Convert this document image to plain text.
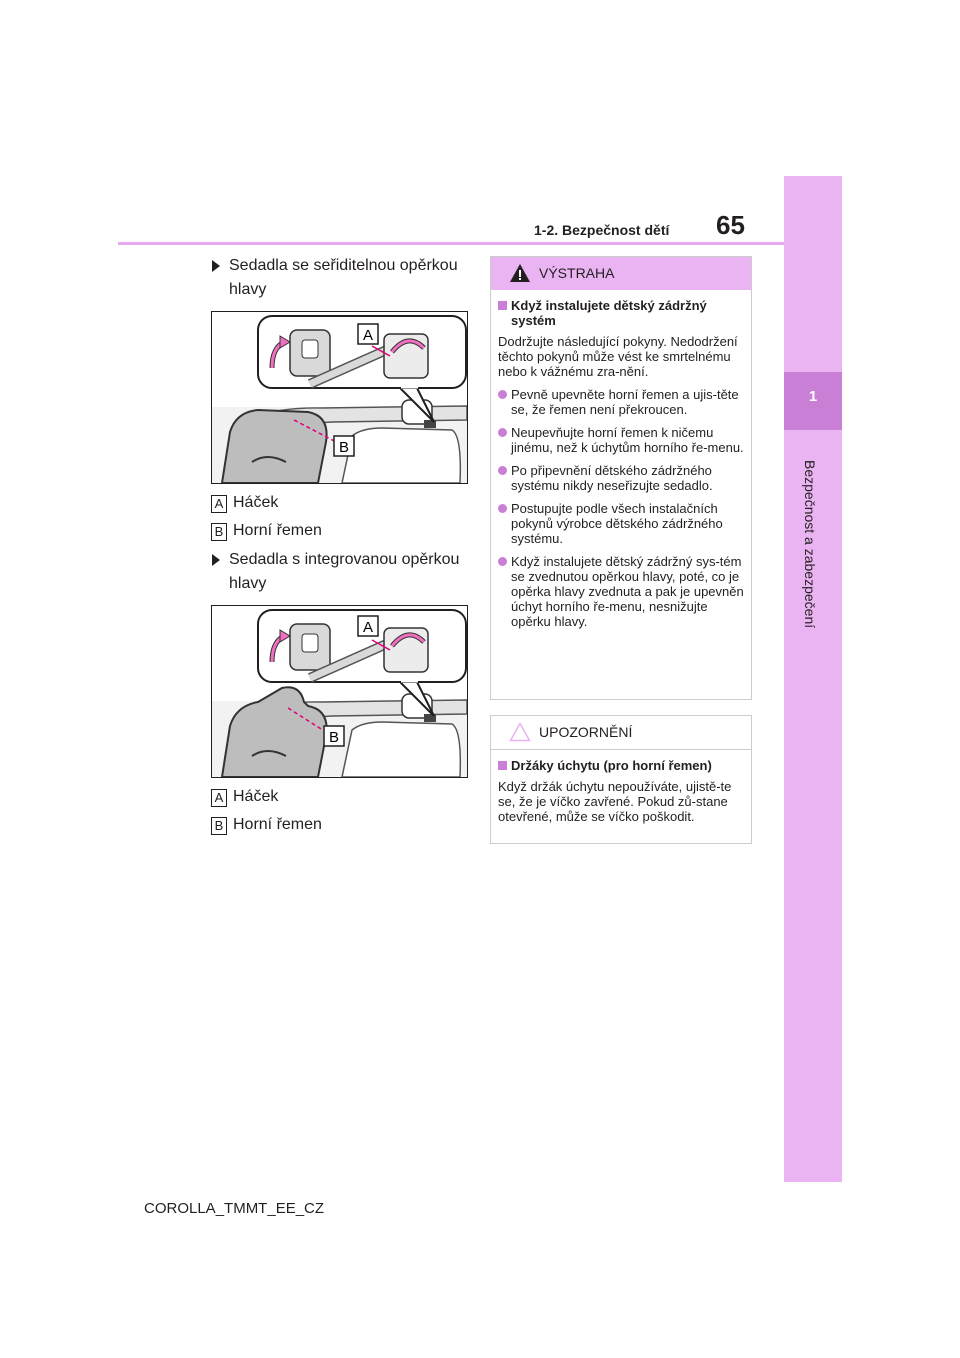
1
Bezpečnost a zabezpečení
65
1-2. Bezpečnost dětí
Sedadla se seřiditelnou opěrkou hlavy
A
B
A Háček
B Horní řemen
Sedadla s integrovanou opěrkou hlavy
A
B
A Háček
B Horní řemen
VÝSTRAHA
Když instalujete dětský zádržný systém
Dodržujte následující pokyny. Nedodržení těchto pokynů může vést ke smrtelnému nebo k vážnému zra-nění.
Pevně upevněte horní řemen a ujis-těte se, že řemen není překroucen.
Neupevňujte horní řemen k ničemu jinému, než k úchytům horního ře-menu.
Po připevnění dětského zádržného systému nikdy neseřizujte sedadlo.
Postupujte podle všech instalačních pokynů výrobce dětského zádržného systému.
Když instalujete dětský zádržný sys-tém se zvednutou opěrkou hlavy, poté, co je opěrka hlavy zvednuta a pak je upevněn úchyt horního ře-menu, nesnižujte opěrku hlavy.
UPOZORNĚNÍ
Držáky úchytu (pro horní řemen)
Když držák úchytu nepoužíváte, ujistě-te se, že je víčko zavřené. Pokud zů-stane otevřené, může se víčko poškodit.
COROLLA_TMMT_EE_CZ
